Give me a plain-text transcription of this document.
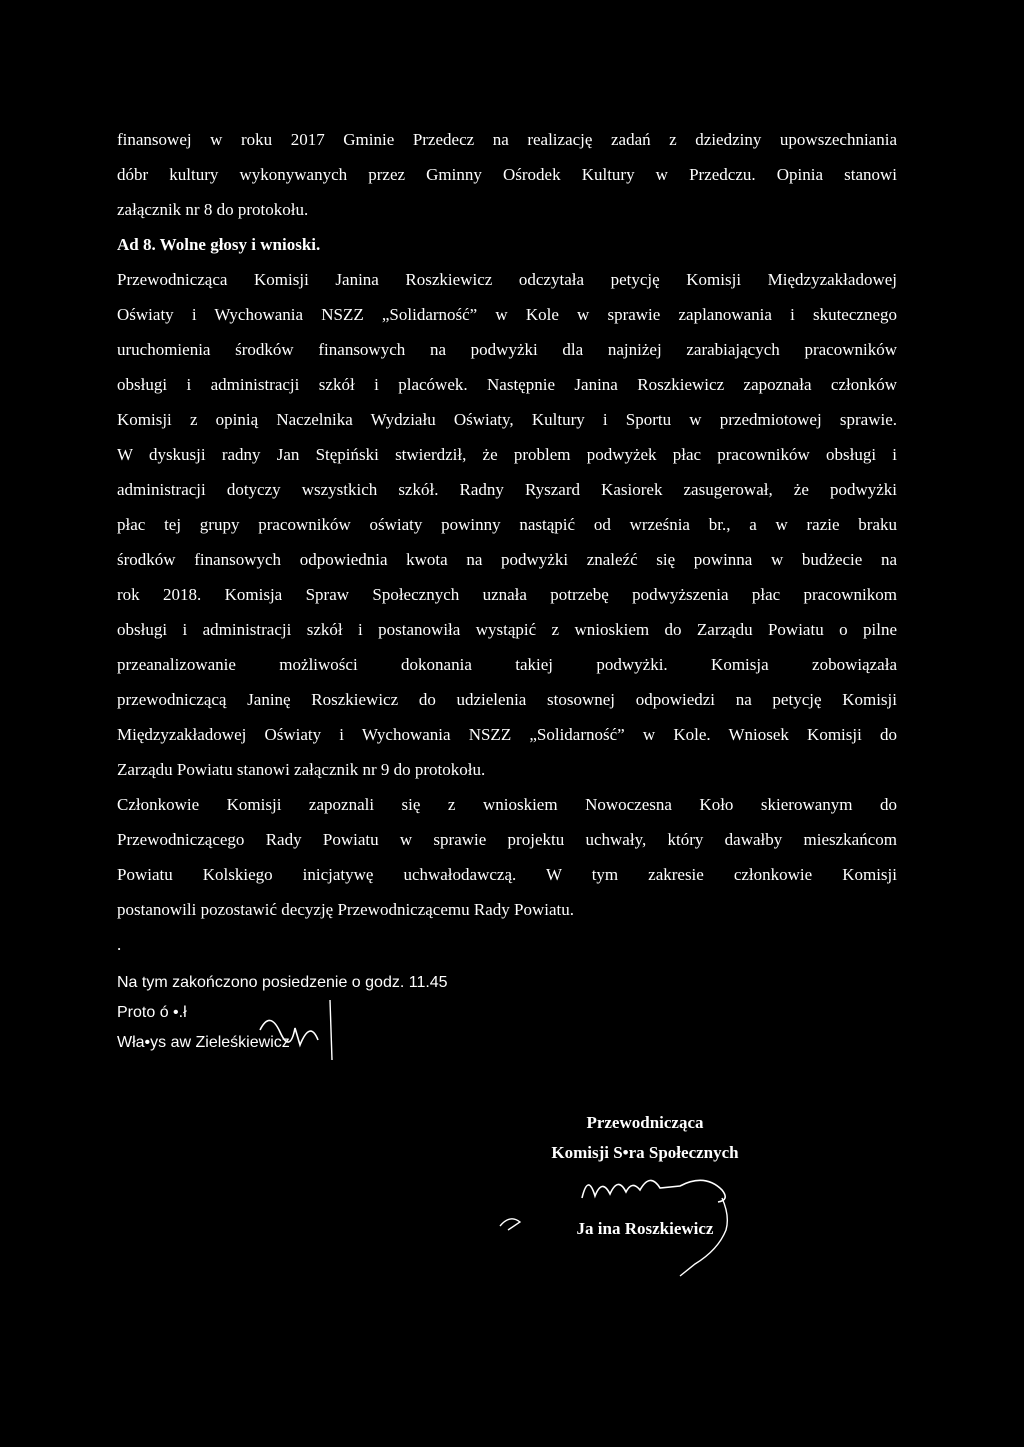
finansowej w roku 2017 Gminie Przedecz na realizację zadań z dziedziny upowszechniania
dóbr kultury wykonywanych przez Gminny Ośrodek Kultury w Przedczu. Opinia stanowi
załącznik nr 8 do protokołu.
Ad 8. Wolne głosy i wnioski.
Przewodnicząca Komisji Janina Roszkiewicz odczytała petycję Komisji Międzyzakładowej
Oświaty i Wychowania NSZZ „Solidarność” w Kole w sprawie zaplanowania i skutecznego
uruchomienia środków finansowych na podwyżki dla najniżej zarabiających pracowników
obsługi i administracji szkół i placówek. Następnie Janina Roszkiewicz zapoznała członków
Komisji z opinią Naczelnika Wydziału Oświaty, Kultury i Sportu w przedmiotowej sprawie.
W dyskusji radny Jan Stępiński stwierdził, że problem podwyżek płac pracowników obsługi i
administracji dotyczy wszystkich szkół. Radny Ryszard Kasiorek zasugerował, że podwyżki
płac tej grupy pracowników oświaty powinny nastąpić od września br., a w razie braku
środków finansowych odpowiednia kwota na podwyżki znaleźć się powinna w budżecie na
rok 2018. Komisja Spraw Społecznych uznała potrzebę podwyższenia płac pracownikom
obsługi i administracji szkół i postanowiła wystąpić z wnioskiem do Zarządu Powiatu o pilne
przeanalizowanie możliwości dokonania takiej podwyżki. Komisja zobowiązała
przewodniczącą Janinę Roszkiewicz do udzielenia stosownej odpowiedzi na petycję Komisji
Międzyzakładowej Oświaty i Wychowania NSZZ „Solidarność” w Kole. Wniosek Komisji do
Zarządu Powiatu stanowi załącznik nr 9 do protokołu.
Członkowie Komisji zapoznali się z wnioskiem Nowoczesna Koło skierowanym do
Przewodniczącego Rady Powiatu w sprawie projektu uchwały, który dawałby mieszkańcom
Powiatu Kolskiego inicjatywę uchwałodawczą. W tym zakresie członkowie Komisji
postanowili pozostawić decyzję Przewodniczącemu Rady Powiatu.
.
Na tym zakończono posiedzenie o godz. 11.45
Proto ó •.ł
Wła•ys aw Zieleśkiewicz
Przewodnicząca
Komisji S•ra Społecznych
Ja ina Roszkiewicz
